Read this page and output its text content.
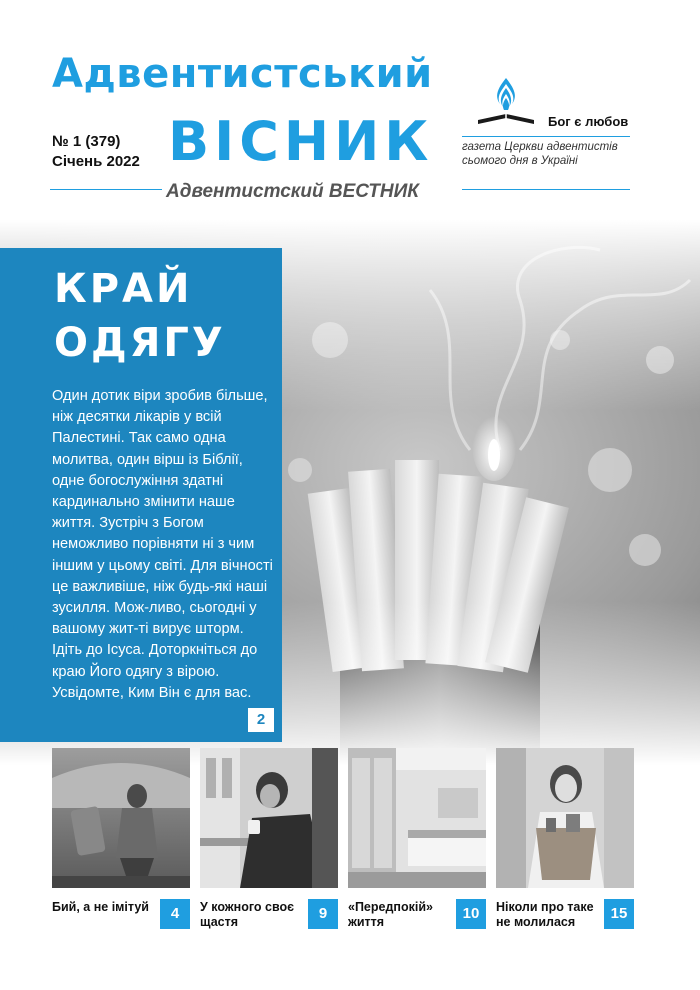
Адвентистський
№ 1 (379)
Січень 2022 ВІСНИК
Адвентистский ВЕСТНИК
Бог є любов
газета Церкви адвентистів сьомого дня в Україні
КРАЙ
ОДЯГУ
Один дотик віри зробив більше, ніж десятки лікарів у всій Палестині. Так само одна молитва, один вірш із Біблії, одне богослужіння здатні кардинально змінити наше життя. Зустріч з Богом неможливо порівняти ні з чим іншим у цьому світі. Для вічності це важливіше, ніж будь-які наші зусилля. Мож-ливо, сьогодні у вашому жит-ті вирує шторм. Ідіть до Ісуса. Доторкніться до краю Його одягу з вірою. Усвідомте, Ким Він є для вас.
2
Бий, а не імітуй	4	У кожного своє щастя	9	«Передпокій» життя	10	Ніколи про таке не молилася	15
